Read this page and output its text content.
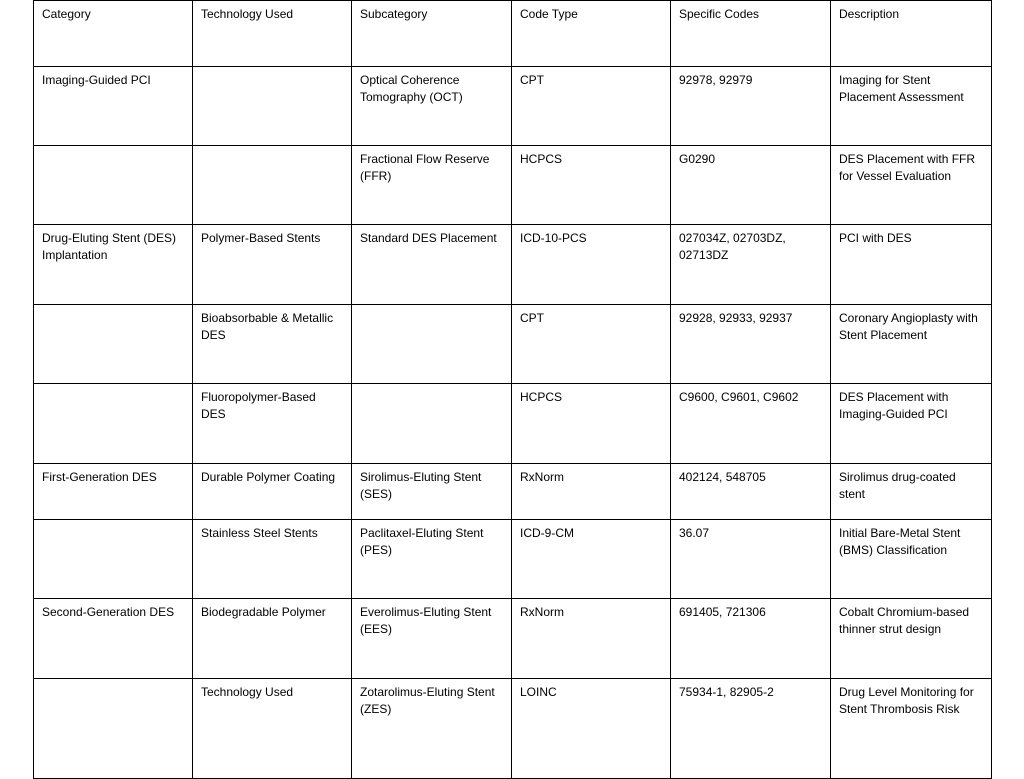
Category	Technology Used	Subcategory	Code Type	Specific Codes	Description
Imaging-Guided PCI		Optical Coherence Tomography (OCT)	CPT	92978, 92979	Imaging for Stent Placement Assessment
		Fractional Flow Reserve (FFR)	HCPCS	G0290	DES Placement with FFR for Vessel Evaluation
Drug-Eluting Stent (DES) Implantation	Polymer-Based Stents	Standard DES Placement	ICD-10-PCS	027034Z, 02703DZ, 02713DZ	PCI with DES
	Bioabsorbable & Metallic DES		CPT	92928, 92933, 92937	Coronary Angioplasty with Stent Placement
	Fluoropolymer-Based DES		HCPCS	C9600, C9601, C9602	DES Placement with Imaging-Guided PCI
First-Generation DES	Durable Polymer Coating	Sirolimus-Eluting Stent (SES)	RxNorm	402124, 548705	Sirolimus drug-coated stent
	Stainless Steel Stents	Paclitaxel-Eluting Stent (PES)	ICD-9-CM	36.07	Initial Bare-Metal Stent (BMS) Classification
Second-Generation DES	Biodegradable Polymer	Everolimus-Eluting Stent (EES)	RxNorm	691405, 721306	Cobalt Chromium-based thinner strut design
	Technology Used	Zotarolimus-Eluting Stent (ZES)	LOINC	75934-1, 82905-2	Drug Level Monitoring for Stent Thrombosis Risk
